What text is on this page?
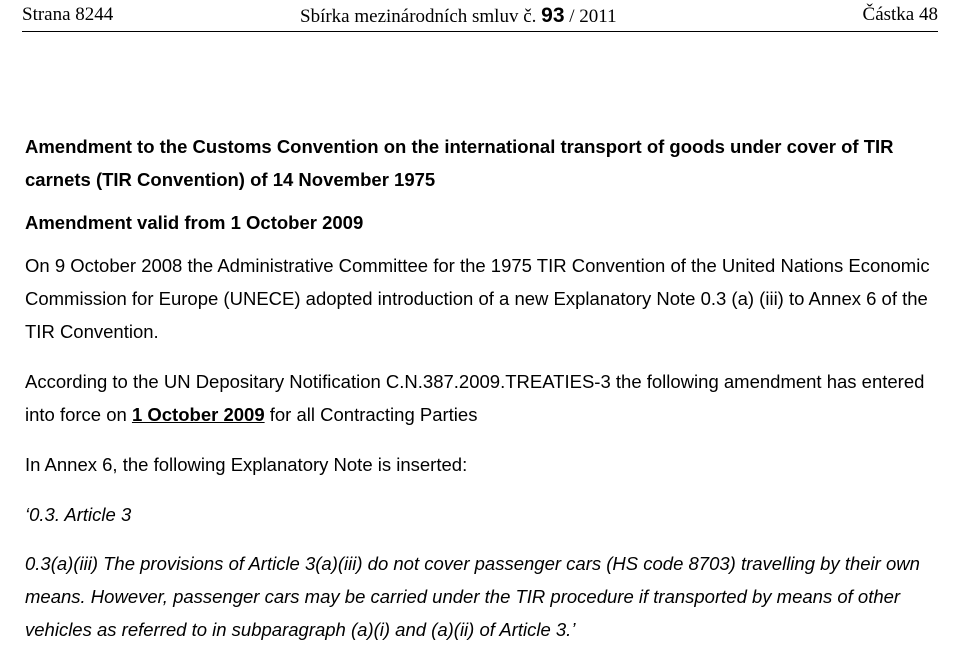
Strana 8244	Sbírka mezinárodních smluv č. 93 / 2011	Částka 48

Amendment to the Customs Convention on the international transport of goods under cover of TIR carnets (TIR Convention) of 14 November 1975

Amendment valid from 1 October 2009

On 9 October 2008 the Administrative Committee for the 1975 TIR Convention of the United Nations Economic Commission for Europe (UNECE) adopted introduction of a new Explanatory Note 0.3 (a) (iii) to Annex 6 of the TIR Convention.

According to the UN Depositary Notification C.N.387.2009.TREATIES-3 the following amendment has entered into force on 1 October 2009 for all Contracting Parties

In Annex 6, the following Explanatory Note is inserted:

‘0.3. Article 3

0.3(a)(iii) The provisions of Article 3(a)(iii) do not cover passenger cars (HS code 8703) travelling by their own means. However, passenger cars may be carried under the TIR procedure if transported by means of other vehicles as referred to in subparagraph (a)(i) and (a)(ii) of Article 3.’
